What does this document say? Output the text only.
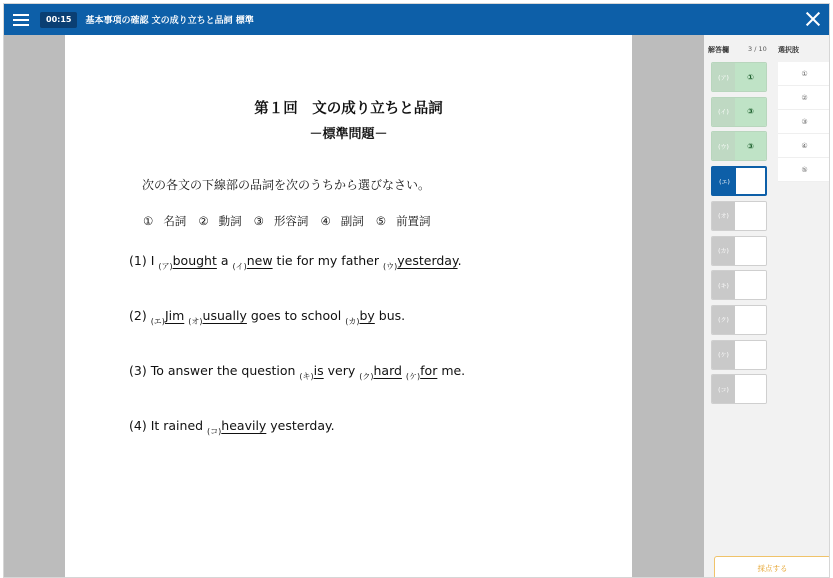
00:15	基本事項の確認 文の成り立ちと品詞 標準
第１回　文の成り立ちと品詞
－標準問題－
次の各文の下線部の品詞を次のうちから選びなさい。
① 名詞 ② 動詞 ③ 形容詞 ④ 副詞 ⑤ 前置詞
(1) I $_{(ア)}$bought a $_{(イ)}$new tie for my father $_{(ウ)}$yesterday.
(2) $_{(エ)}$Jim $_{(オ)}$usually goes to school $_{(カ)}$by bus.
(3) To answer the question $_{(キ)}$is very $_{(ク)}$hard $_{(ケ)}$for me.
(4) It rained $_{(コ)}$heavily yesterday.
解答欄	3 / 10 選択肢
(ア)	①
(イ)	③
(ウ)	③
(エ)
(オ)
(カ)
(キ)
(ク)
(ケ)
(コ)
①
②
③
④
⑤
採点する
